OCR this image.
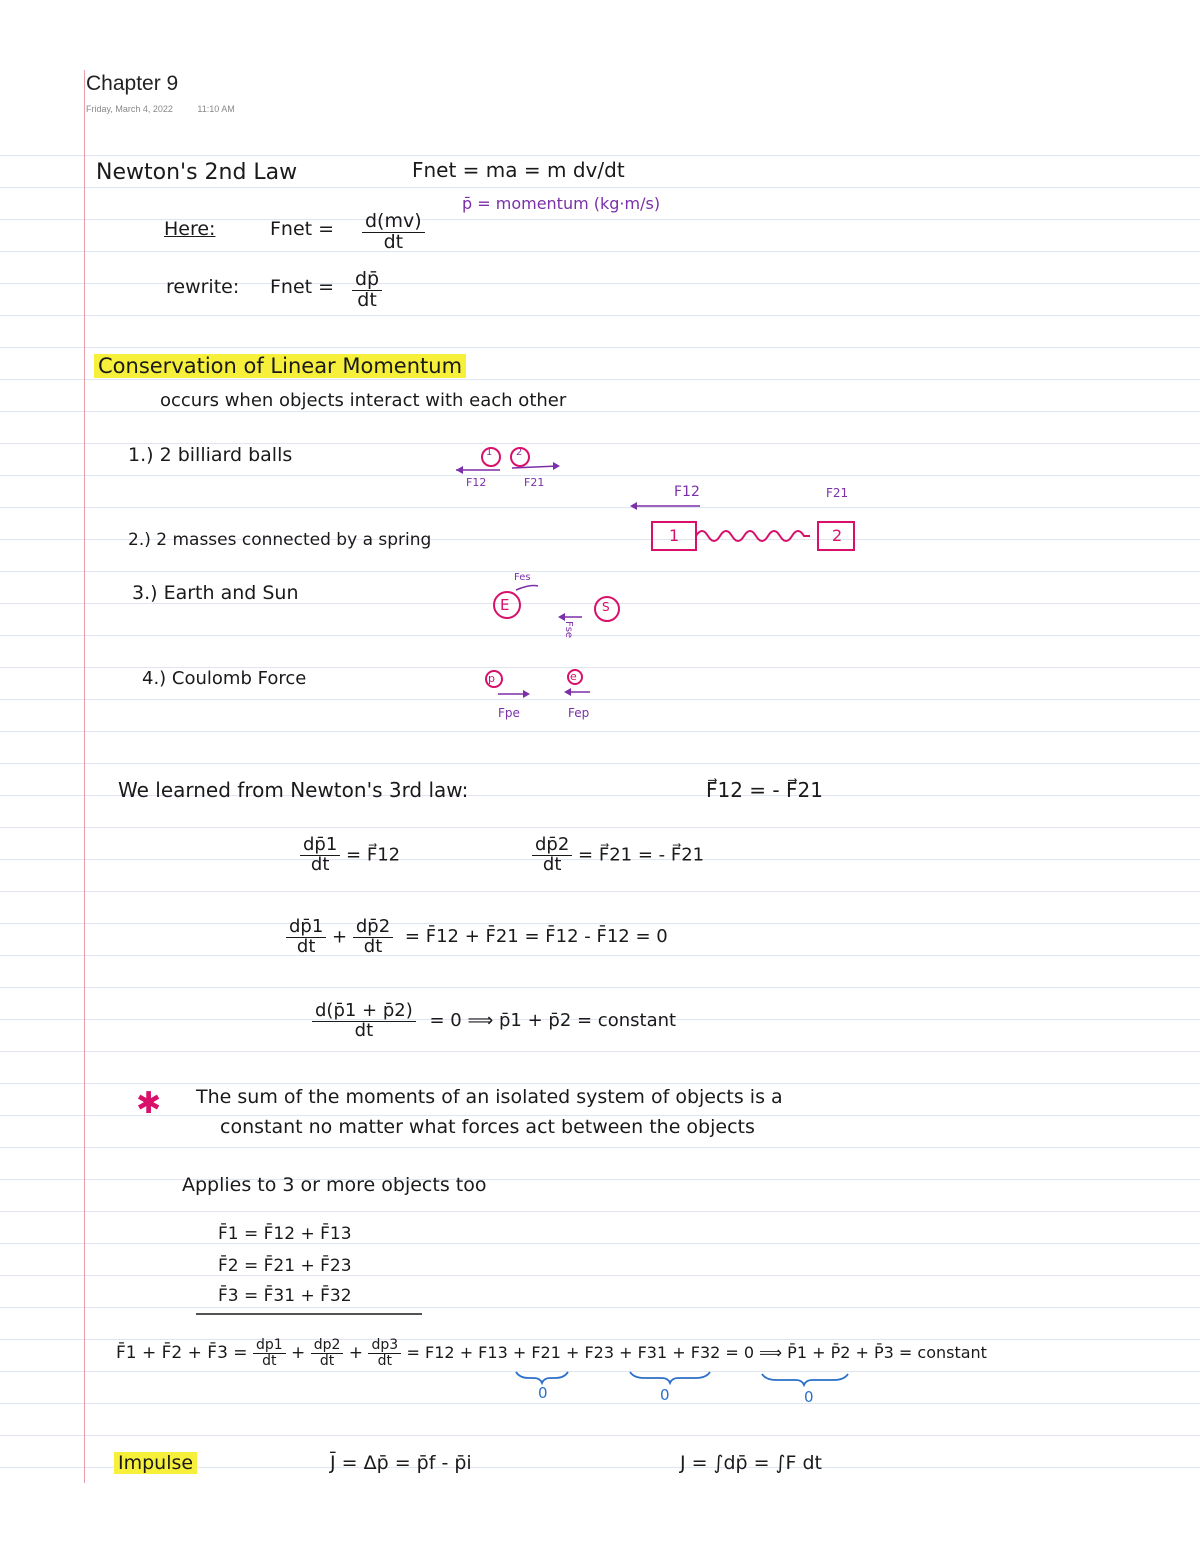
Chapter 9
Friday, March 4, 2022	11:10 AM
Newton's 2nd Law	Fnet = ma = m dv/dt
p̄ = momentum (kg·m/s)
Here:	Fnet = $\frac{d(mv)}{dt}$
rewrite: Fnet = $\frac{dp̄}{dt}$
Conservation of Linear Momentum
occurs when objects interact with each other
1.) 2 billiard balls
2.) 2 masses connected by a spring
3.) Earth and Sun
4.) Coulomb Force
F12	F21
1 2
F12	F21
1	2
E	S
Fes
Fse
p	e
Fpe	Fep
We learned from Newton's 3rd law:	F⃗12 = - F⃗21
$\frac{dp̄1}{dt}$ = F⃗12	$\frac{dp̄2}{dt}$ = F⃗21 = - F⃗21
$\frac{dp̄1}{dt} + \frac{dp̄2}{dt}$ = F̄12 + F̄21 = F̄12 - F̄12 = 0
$\frac{d(p̄1 + p̄2)}{dt} = 0$ ⟹ p̄1 + p̄2 = constant
✱ The sum of the moments of an isolated system of objects is a
constant no matter what forces act between the objects
Applies to 3 or more objects too
F̄1 = F̄12 + F̄13
F̄2 = F̄21 + F̄23
F̄3 = F̄31 + F̄32
F̄1 + F̄2 + F̄3 = $\frac{dp1}{dt} + \frac{dp2}{dt} + \frac{dp3}{dt} = F12 + F13 + F21 + F23 + F31 + F32 = 0$ ⟹ P̄1 + P̄2 + P̄3 = constant
0	0	0
Impulse	J̄ = Δp̄ = p̄f - p̄i	J = ∫dp̄ = ∫F dt
